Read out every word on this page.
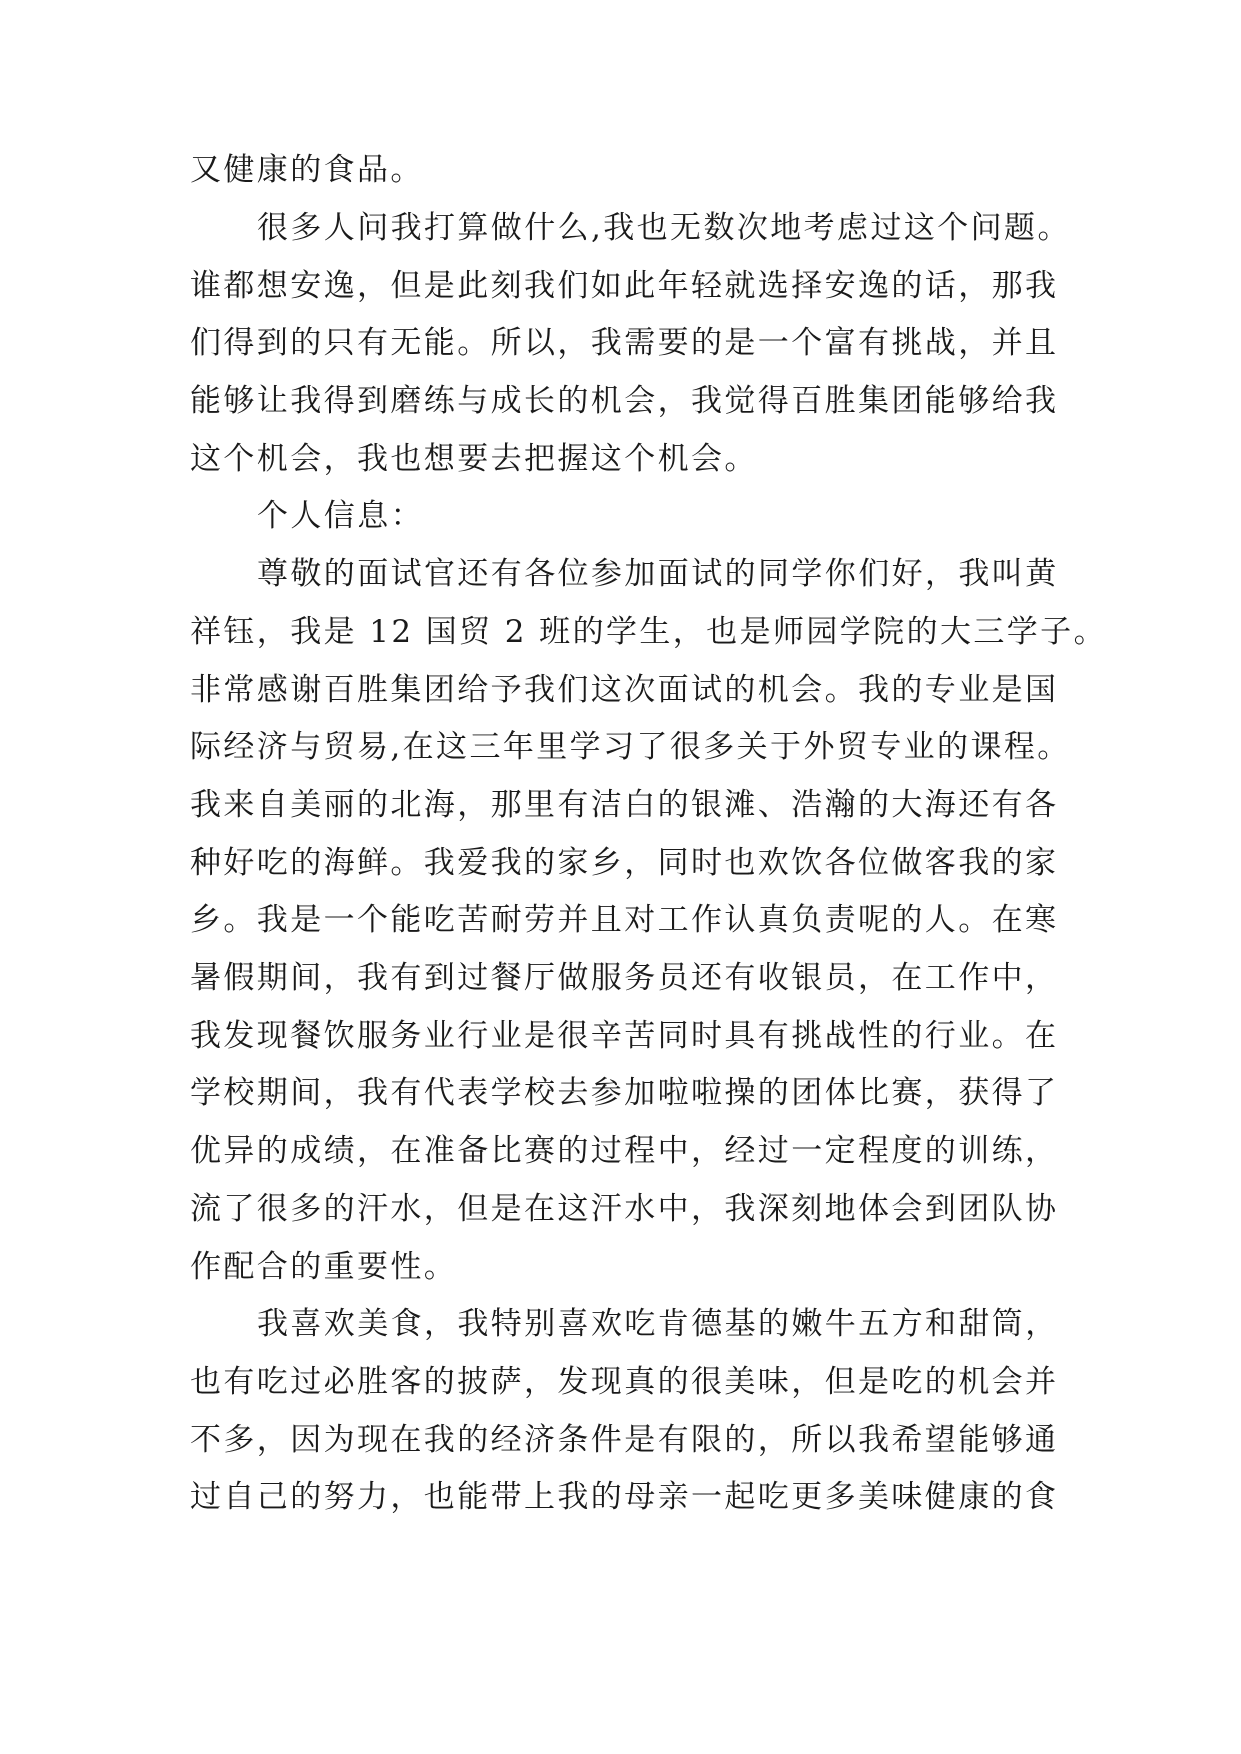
又健康的食品。
很多人问我打算做什么,我也无数次地考虑过这个问题。
谁都想安逸，但是此刻我们如此年轻就选择安逸的话，那我
们得到的只有无能。所以，我需要的是一个富有挑战，并且
能够让我得到磨练与成长的机会，我觉得百胜集团能够给我
这个机会，我也想要去把握这个机会。
个人信息：
尊敬的面试官还有各位参加面试的同学你们好，我叫黄
祥钰，我是 12 国贸 2 班的学生，也是师园学院的大三学子。
非常感谢百胜集团给予我们这次面试的机会。我的专业是国
际经济与贸易,在这三年里学习了很多关于外贸专业的课程。
我来自美丽的北海，那里有洁白的银滩、浩瀚的大海还有各
种好吃的海鲜。我爱我的家乡，同时也欢饮各位做客我的家
乡。我是一个能吃苦耐劳并且对工作认真负责呢的人。在寒
暑假期间，我有到过餐厅做服务员还有收银员，在工作中，
我发现餐饮服务业行业是很辛苦同时具有挑战性的行业。在
学校期间，我有代表学校去参加啦啦操的团体比赛，获得了
优异的成绩，在准备比赛的过程中，经过一定程度的训练，
流了很多的汗水，但是在这汗水中，我深刻地体会到团队协
作配合的重要性。
我喜欢美食，我特别喜欢吃肯德基的嫩牛五方和甜筒，
也有吃过必胜客的披萨，发现真的很美味，但是吃的机会并
不多，因为现在我的经济条件是有限的，所以我希望能够通
过自己的努力，也能带上我的母亲一起吃更多美味健康的食
